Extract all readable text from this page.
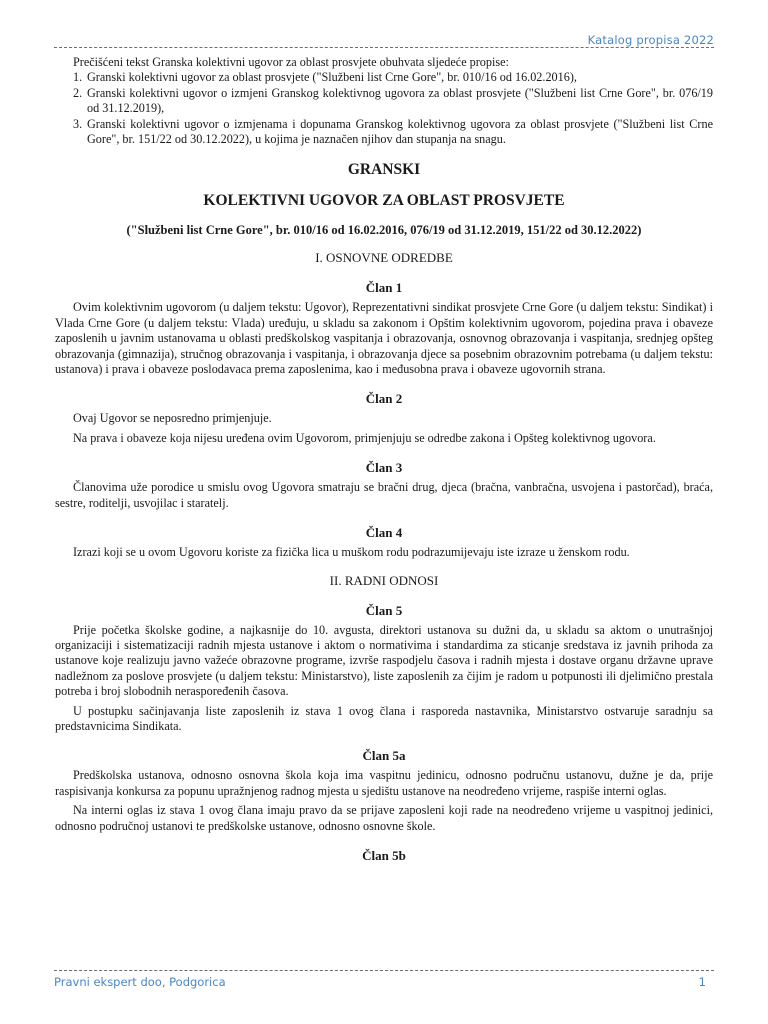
Katalog propisa 2022

Prečišćeni tekst Granska kolektivni ugovor za oblast prosvjete obuhvata sljedeće propise:

1. Granski kolektivni ugovor za oblast prosvjete ("Službeni list Crne Gore", br. 010/16 od 16.02.2016),
2. Granski kolektivni ugovor o izmjeni Granskog kolektivnog ugovora za oblast prosvjete ("Službeni list Crne Gore", br. 076/19 od 31.12.2019),
3. Granski kolektivni ugovor o izmjenama i dopunama Granskog kolektivnog ugovora za oblast prosvjete ("Službeni list Crne Gore", br. 151/22 od 30.12.2022), u kojima je naznačen njihov dan stupanja na snagu.
GRANSKI
KOLEKTIVNI UGOVOR ZA OBLAST PROSVJETE
("Službeni list Crne Gore", br. 010/16 od 16.02.2016, 076/19 od 31.12.2019, 151/22 od 30.12.2022)
I. OSNOVNE ODREDBE
Član 1

Ovim kolektivnim ugovorom (u daljem tekstu: Ugovor), Reprezentativni sindikat prosvjete Crne Gore (u daljem tekstu: Sindikat) i Vlada Crne Gore (u daljem tekstu: Vlada) uređuju, u skladu sa zakonom i Opštim kolektivnim ugovorom, pojedina prava i obaveze zaposlenih u javnim ustanovama u oblasti predškolskog vaspitanja i obrazovanja, osnovnog obrazovanja i vaspitanja, srednjeg opšteg obrazovanja (gimnazija), stručnog obrazovanja i vaspitanja, i obrazovanja djece sa posebnim obrazovnim potrebama (u daljem tekstu: ustanova) i prava i obaveze poslodavaca prema zaposlenima, kao i međusobna prava i obaveze ugovornih strana.

Član 2

Ovaj Ugovor se neposredno primjenjuje.

Na prava i obaveze koja nijesu uređena ovim Ugovorom, primjenjuju se odredbe zakona i Opšteg kolektivnog ugovora.

Član 3

Članovima uže porodice u smislu ovog Ugovora smatraju se bračni drug, djeca (bračna, vanbračna, usvojena i pastorčad), braća, sestre, roditelji, usvojilac i staratelj.

Član 4

Izrazi koji se u ovom Ugovoru koriste za fizička lica u muškom rodu podrazumijevaju iste izraze u ženskom rodu.

II. RADNI ODNOSI
Član 5

Prije početka školske godine, a najkasnije do 10. avgusta, direktori ustanova su dužni da, u skladu sa aktom o unutrašnjoj organizaciji i sistematizaciji radnih mjesta ustanove i aktom o normativima i standardima za sticanje sredstava iz javnih prihoda za ustanove koje realizuju javno važeće obrazovne programe, izvrše raspodjelu časova i radnih mjesta i dostave organu državne uprave nadležnom za poslove prosvjete (u daljem tekstu: Ministarstvo), liste zaposlenih za čijim je radom u potpunosti ili djelimično prestala potreba i broj slobodnih neraspoređenih časova.

U postupku sačinjavanja liste zaposlenih iz stava 1 ovog člana i rasporeda nastavnika, Ministarstvo ostvaruje saradnju sa predstavnicima Sindikata.

Član 5a

Predškolska ustanova, odnosno osnovna škola koja ima vaspitnu jedinicu, odnosno područnu ustanovu, dužne je da, prije raspisivanja konkursa za popunu upražnjenog radnog mjesta u sjedištu ustanove na neodređeno vrijeme, raspiše interni oglas.

Na interni oglas iz stava 1 ovog člana imaju pravo da se prijave zaposleni koji rade na neodređeno vrijeme u vaspitnoj jedinici, odnosno područnoj ustanovi te predškolske ustanove, odnosno osnovne škole.

Član 5b
Pravni ekspert doo, Podgorica	1
